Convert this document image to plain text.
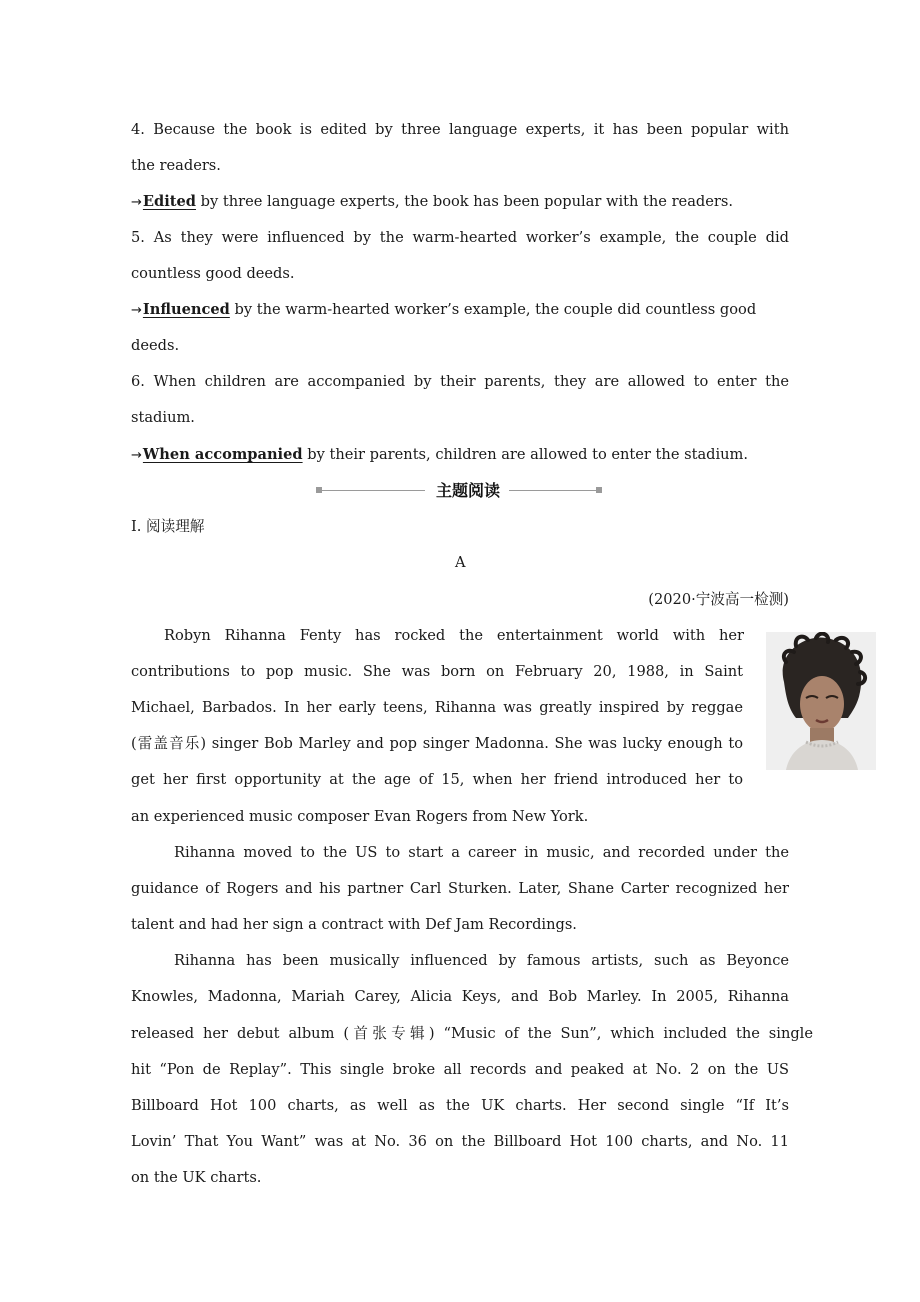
4. Because the book is edited by three language experts, it has been popular with
the readers.
→Edited by three language experts, the book has been popular with the readers.
5. As they were influenced by the warm-hearted worker’s example, the couple did
countless good deeds.
→Influenced by the warm-hearted worker’s example, the couple did countless good
deeds.
6. When children are accompanied by their parents, they are allowed to enter the
stadium.
→When accompanied by their parents, children are allowed to enter the stadium.
主题阅读
Ⅰ. 阅读理解
A
(2020·宁波高一检测)
Robyn Rihanna Fenty has rocked the entertainment world with her
contributions to pop music. She was born on February 20, 1988, in Saint
Michael, Barbados. In her early teens, Rihanna was greatly inspired by reggae
(雷盖音乐) singer Bob Marley and pop singer Madonna. She was lucky enough to
get her first opportunity at the age of 15, when her friend introduced her to
an experienced music composer Evan Rogers from New York.
Rihanna moved to the US to start a career in music, and recorded under the
guidance of Rogers and his partner Carl Sturken. Later, Shane Carter recognized her
talent and had her sign a contract with Def Jam Recordings.
Rihanna has been musically influenced by famous artists, such as Beyonce
Knowles, Madonna, Mariah Carey, Alicia Keys, and Bob Marley. In 2005, Rihanna
released her debut album (首张专辑) “Music of the Sun”, which included the single
hit “Pon de Replay”. This single broke all records and peaked at No. 2 on the US
Billboard Hot 100 charts, as well as the UK charts. Her second single “If It’s
Lovin’ That You Want” was at No. 36 on the Billboard Hot 100 charts, and No. 11
on the UK charts.
